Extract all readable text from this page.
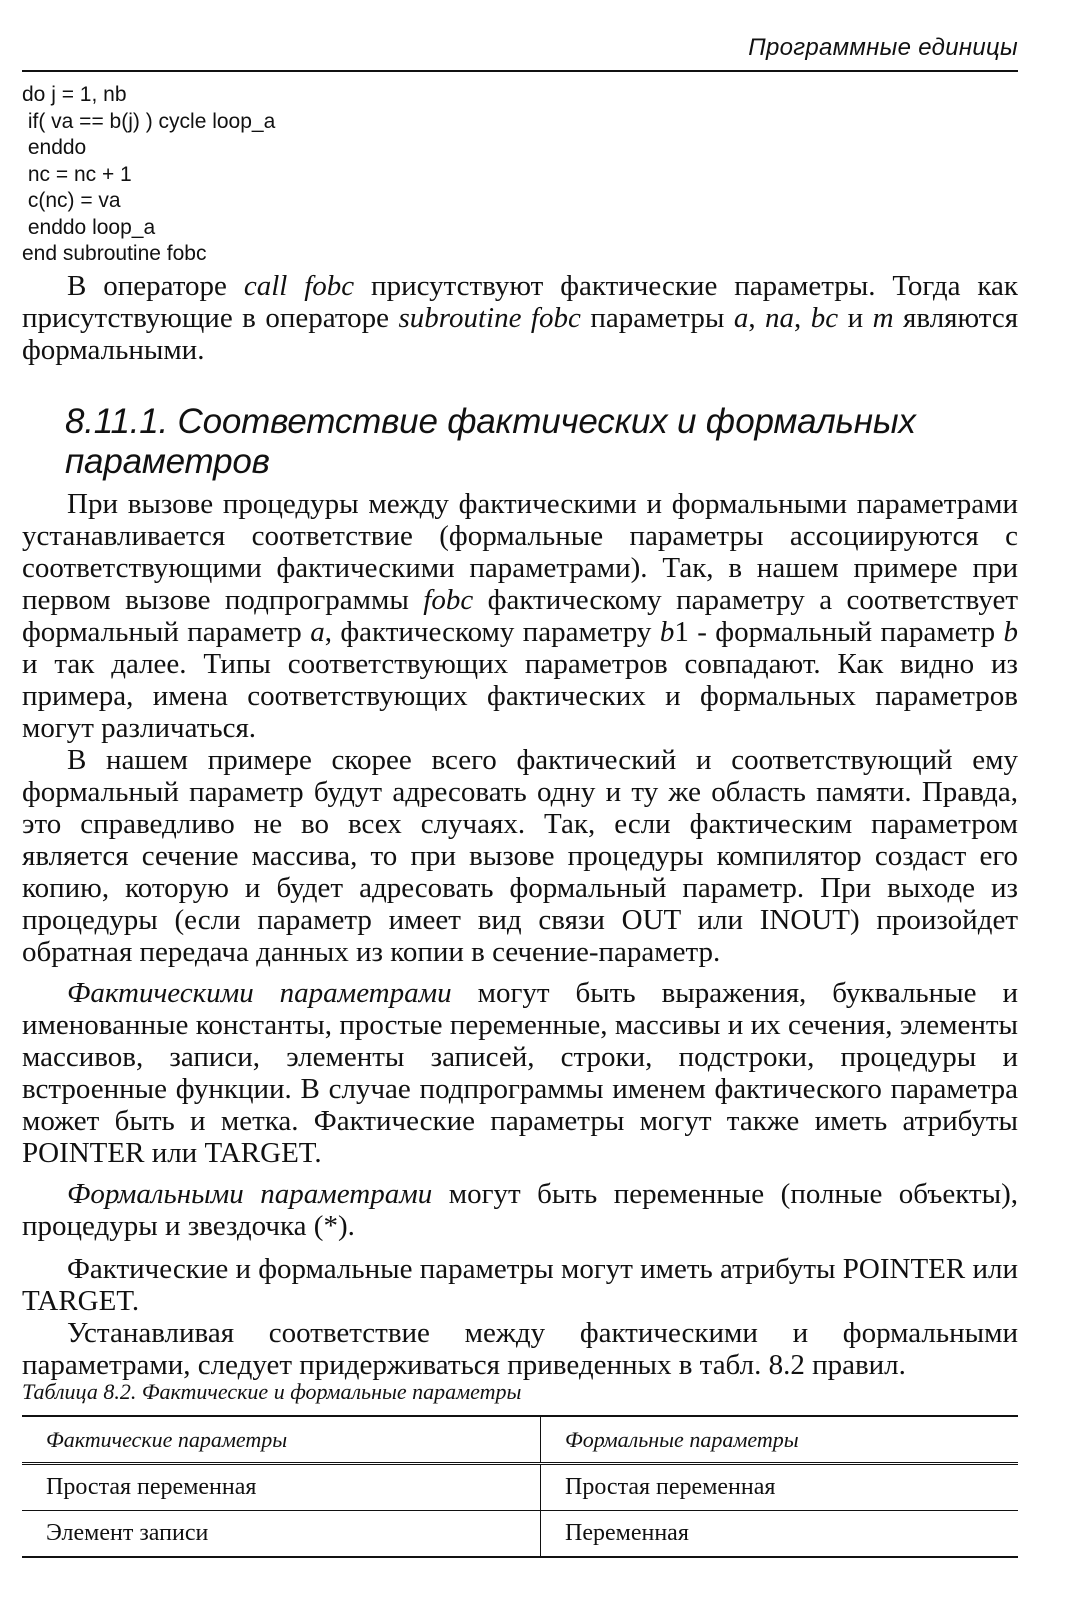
Программные единицы
do j = 1, nb
if( va == b(j) ) cycle loop_a
enddo
nc = nc + 1
c(nc) = va
enddo loop_a
end subroutine fobc

В операторе call fobc присутствуют фактические параметры. Тогда как присутствующие в операторе subroutine fobc параметры a, na, bc и m являются формальными.

8.11.1. Соответствие фактических и формальных параметров

При вызове процедуры между фактическими и формальными параметрами устанавливается соответствие (формальные параметры ассоциируются с соответствующими фактическими параметрами). Так, в нашем примере при первом вызове подпрограммы fobc фактическому параметру a соответствует формальный параметр a, фактическому параметру b1 - формальный параметр b и так далее. Типы соответствующих параметров совпадают. Как видно из примера, имена соответствующих фактических и формальных параметров могут различаться.

В нашем примере скорее всего фактический и соответствующий ему формальный параметр будут адресовать одну и ту же область памяти. Правда, это справедливо не во всех случаях. Так, если фактическим параметром является сечение массива, то при вызове процедуры компилятор создаст его копию, которую и будет адресовать формальный параметр. При выходе из процедуры (если параметр имеет вид связи OUT или INOUT) произойдет обратная передача данных из копии в сечение-параметр.

Фактическими параметрами могут быть выражения, буквальные и именованные константы, простые переменные, массивы и их сечения, элементы массивов, записи, элементы записей, строки, подстроки, процедуры и встроенные функции. В случае подпрограммы именем фактического параметра может быть и метка. Фактические параметры могут также иметь атрибуты POINTER или TARGET.

Формальными параметрами могут быть переменные (полные объекты), процедуры и звездочка (*).

Фактические и формальные параметры могут иметь атрибуты POINTER или TARGET.

Устанавливая соответствие между фактическими и формальными параметрами, следует придерживаться приведенных в табл. 8.2 правил.

Таблица 8.2. Фактические и формальные параметры
Фактические параметры	Формальные параметры
Простая переменная	Простая переменная
Элемент записи	Переменная
